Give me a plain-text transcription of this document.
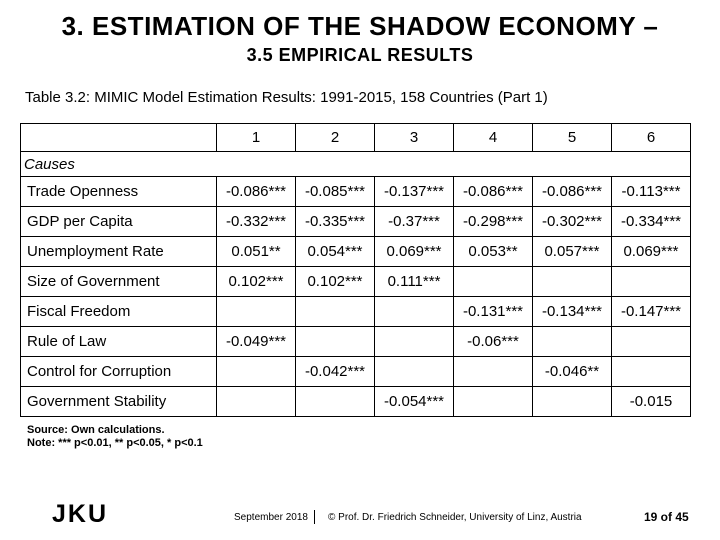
3. ESTIMATION OF THE SHADOW ECONOMY –
3.5 EMPIRICAL RESULTS
Table 3.2: MIMIC Model Estimation Results: 1991-2015, 158 Countries (Part 1)
	1	2	3	4	5	6
Causes						
Trade Openness	-0.086***	-0.085***	-0.137***	-0.086***	-0.086***	-0.113***
GDP per Capita	-0.332***	-0.335***	-0.37***	-0.298***	-0.302***	-0.334***
Unemployment Rate	0.051**	0.054***	0.069***	0.053**	0.057***	0.069***
Size of Government	0.102***	0.102***	0.111***			
Fiscal Freedom				-0.131***	-0.134***	-0.147***
Rule of Law	-0.049***			-0.06***		
Control for Corruption		-0.042***			-0.046**	
Government Stability			-0.054***			-0.015
Source: Own calculations.
Note: *** p<0.01, ** p<0.05, * p<0.1
JKU	September 2018 © Prof. Dr. Friedrich Schneider, University of Linz, Austria	19 of 45
